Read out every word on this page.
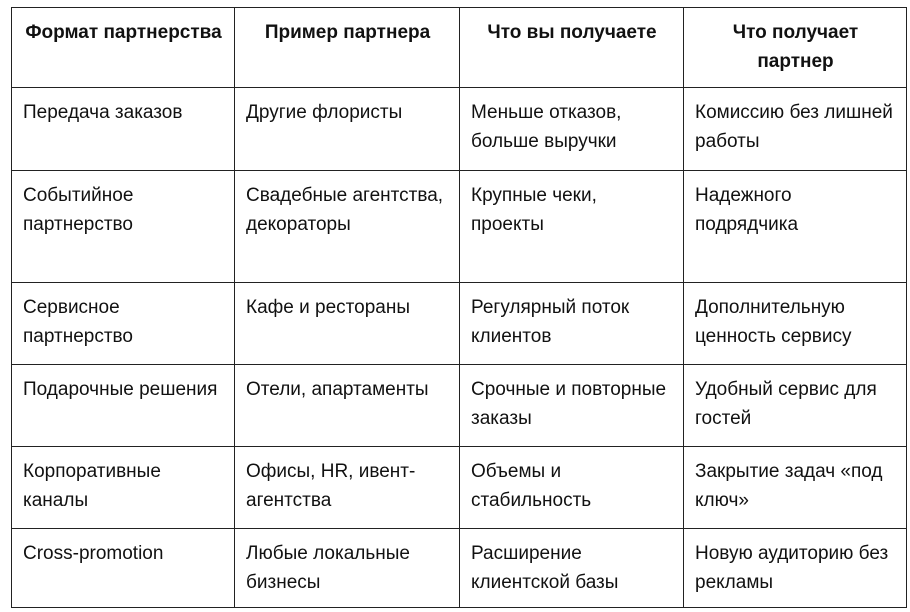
Формат партнерства	Пример партнера	Что вы получаете	Что получает партнер
Передача заказов	Другие флористы	Меньше отказов, больше выручки	Комиссию без лишней работы
Событийное партнерство	Свадебные агентства, декораторы	Крупные чеки, проекты	Надежного подрядчика
Сервисное партнерство	Кафе и рестораны	Регулярный поток клиентов	Дополнительную ценность сервису
Подарочные решения	Отели, апартаменты	Срочные и повторные заказы	Удобный сервис для гостей
Корпоративные каналы	Офисы, HR, ивент-агентства	Объемы и стабильность	Закрытие задач «под ключ»
Cross-promotion	Любые локальные бизнесы	Расширение клиентской базы	Новую аудиторию без рекламы
